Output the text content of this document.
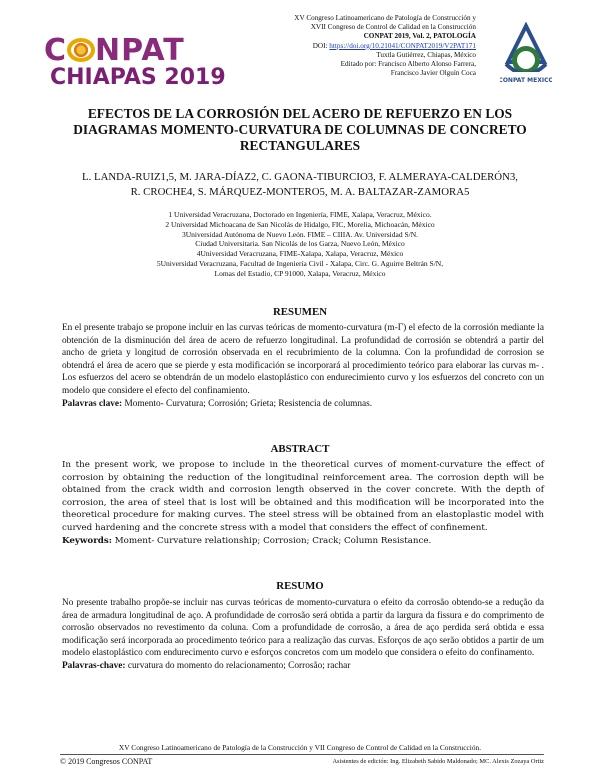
C NPAT
CHIAPAS 2019
XV Congreso Latinoamericano de Patología de Construcción y
XVII Congreso de Control de Calidad en la Construcción
CONPAT 2019, Vol. 2, PATOLOGÍA
DOI: https://doi.org/10.21041/CONPAT2019/V2PAT171
Tuxtla Gutiérrez, Chiapas, México
Editado por: Francisco Alberto Alonso Farrera,
Francisco Javier Olguín Coca
CONPAT MEXICO
EFECTOS DE LA CORROSIÓN DEL ACERO DE REFUERZO EN LOS DIAGRAMAS MOMENTO-CURVATURA DE COLUMNAS DE CONCRETO RECTANGULARES
L. LANDA-RUIZ1,5, M. JARA-DÍAZ2, C. GAONA-TIBURCIO3, F. ALMERAYA-CALDERÓN3,
R. CROCHE4, S. MÁRQUEZ-MONTERO5, M. A. BALTAZAR-ZAMORA5
1 Universidad Veracruzana, Doctorado en Ingeniería, FIME, Xalapa, Veracruz, México.
2 Universidad Michoacana de San Nicolás de Hidalgo, FIC, Morelia, Michoacán, México
3Universidad Autónoma de Nuevo León. FIME – CIIIA. Av. Universidad S/N.
Ciudad Universitaria. San Nicolás de los Garza, Nuevo León, México
4Universidad Veracruzana, FIME-Xalapa, Xalapa, Veracruz, México
5Universidad Veracruzana, Facultad de Ingeniería Civil - Xalapa, Circ. G. Aguirre Beltrán S/N,
Lomas del Estadio, CP 91000, Xalapa, Veracruz, México
RESUMEN
En el presente trabajo se propone incluir en las curvas teóricas de momento-curvatura (m-Γ) el efecto de la corrosión mediante la obtención de la disminución del área de acero de refuerzo longitudinal. La profundidad de corrosión se obtendrá a partir del ancho de grieta y longitud de corrosión observada en el recubrimiento de la columna. Con la profundidad de corrosion se obtendrá el área de acero que se pierde y esta modificación se incorporará al procedimiento teórico para elaborar las curvas m- . Los esfuerzos del acero se obtendrán de un modelo elastoplástico con endurecimiento curvo y los esfuerzos del concreto con un modelo que considere el efecto del confinamiento.
Palavras clave: Momento- Curvatura; Corrosión; Grieta; Resistencia de columnas.
ABSTRACT
In the present work, we propose to include in the theoretical curves of moment-curvature the effect of corrosion by obtaining the reduction of the longitudinal reinforcement area. The corrosion depth will be obtained from the crack width and corrosion length observed in the cover concrete. With the depth of corrosion, the area of steel that is lost will be obtained and this modification will be incorporated into the theoretical procedure for making curves. The steel stress will be obtained from an elastoplastic model with curved hardening and the concrete stress with a model that considers the effect of confinement.
Keywords: Moment- Curvature relationship; Corrosion; Crack; Column Resistance.
RESUMO
No presente trabalho propõe-se incluir nas curvas teóricas de momento-curvatura o efeito da corrosão obtendo-se a redução da área de armadura longitudinal de aço. A profundidade de corrosão será obtida a partir da largura da fissura e do comprimento de corrosão observados no revestimento da coluna. Com a profundidade de corrosão, a área de aço perdida será obtida e essa modificação será incorporada ao procedimento teórico para a realização das curvas. Esforços de aço serão obtidos a partir de um modelo elastoplástico com endurecimento curvo e esforços concretos com um modelo que considera o efeito do confinamento.
Palavras-chave: curvatura do momento do relacionamento; Corrosão; rachar
XV Congreso Latinoamericano de Patología de la Construcción y VII Congreso de Control de Calidad en la Construcción.
© 2019 Congresos CONPAT	Asistentes de edición: Ing. Elizabeth Sabido Maldonado; MC. Alexis Zozaya Ortiz
